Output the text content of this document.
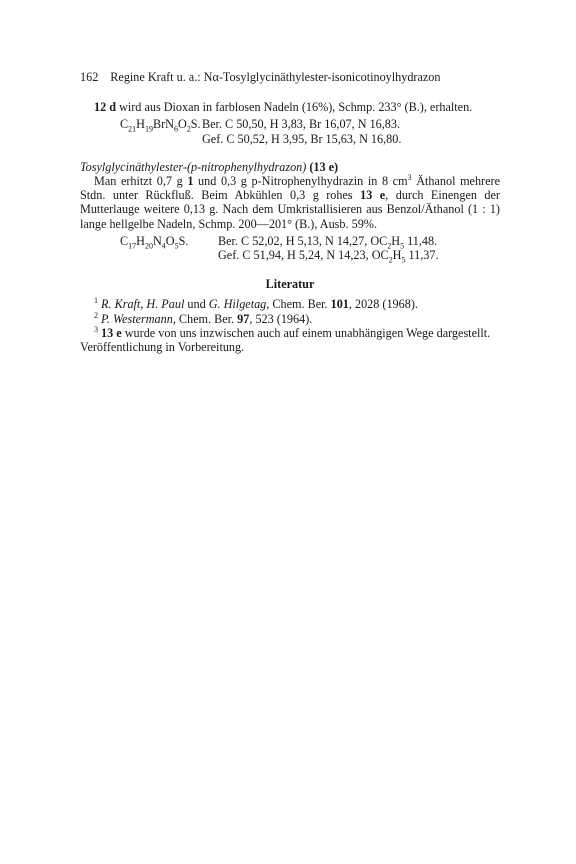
162 Regine Kraft u. a.: Nα-Tosylglycinäthylester-isonicotinoylhydrazon

12 d wird aus Dioxan in farblosen Nadeln (16%), Schmp. 233° (B.), erhalten.

$C_{21}H_{19}BrN_6O_2S$. Ber. C 50,50, H 3,83, Br 16,07, N 16,83.
Gef. C 50,52, H 3,95, Br 15,63, N 16,80.

Tosylglycinäthylester-(p-nitrophenylhydrazon) (13 e)

Man erhitzt 0,7 g 1 und 0,3 g p-Nitrophenylhydrazin in 8 $cm^3$ Äthanol mehrere Stdn. unter Rückfluß. Beim Abkühlen 0,3 g rohes 13 e, durch Einengen der Mutterlauge weitere 0,13 g. Nach dem Umkristallisieren aus Benzol/Äthanol (1 : 1) lange hellgelbe Nadeln, Schmp. 200—201° (B.), Ausb. 59%.

$C_{17}H_{20}N_4O_5S$.	Ber. C 52,02, H 5,13, N 14,27, $OC_2H_5$ 11,48.
Gef. C 51,94, H 5,24, N 14,23, $OC_2H_5$ 11,37.
Literatur

$^1$ R. Kraft, H. Paul und G. Hilgetag, Chem. Ber. 101, 2028 (1968).

$^2$ P. Westermann, Chem. Ber. 97, 523 (1964).

$^3$ 13 e wurde von uns inzwischen auch auf einem unabhängigen Wege dargestellt. Veröffentlichung in Vorbereitung.
